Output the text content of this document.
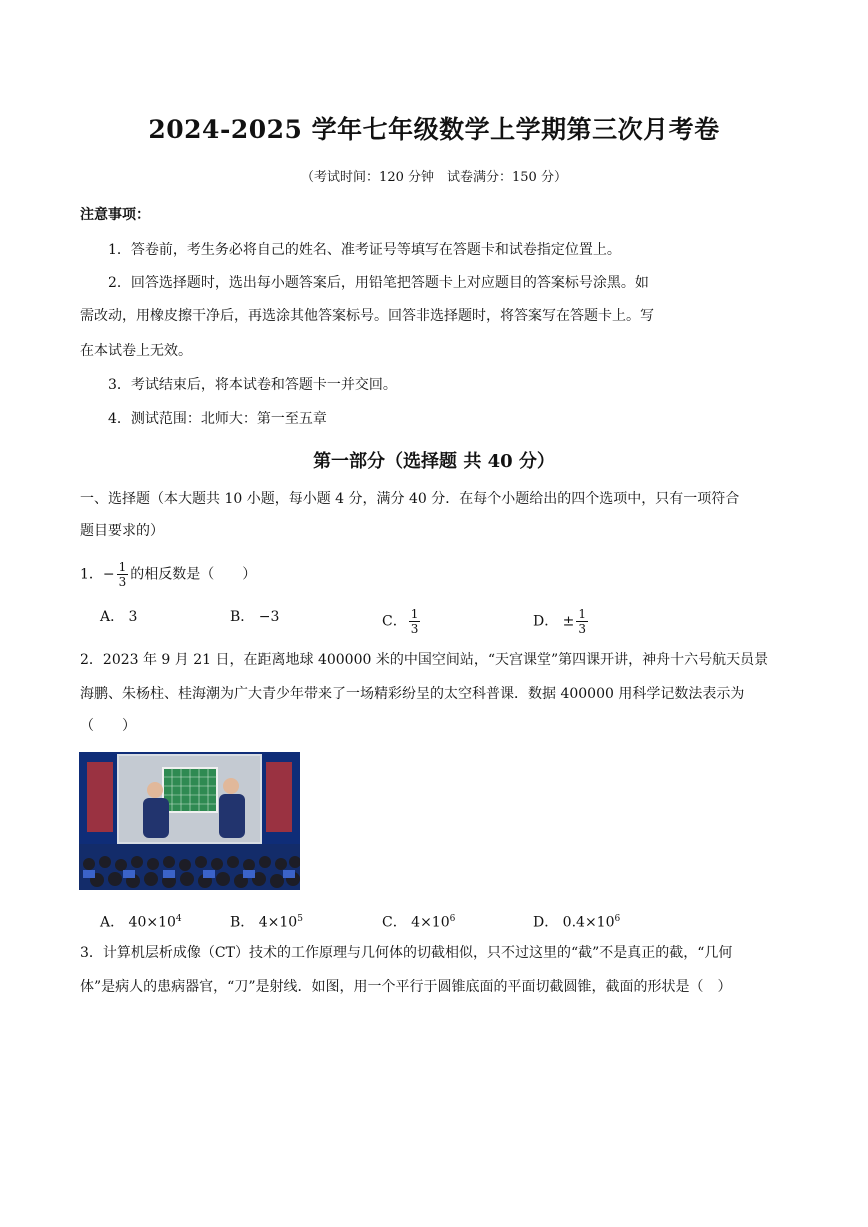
2024-2025 学年七年级数学上学期第三次月考卷
（考试时间：120 分钟　试卷满分：150 分）
注意事项：
1．答卷前，考生务必将自己的姓名、准考证号等填写在答题卡和试卷指定位置上。
2．回答选择题时，选出每小题答案后，用铅笔把答题卡上对应题目的答案标号涂黑。如
需改动，用橡皮擦干净后，再选涂其他答案标号。回答非选择题时，将答案写在答题卡上。写
在本试卷上无效。
3．考试结束后，将本试卷和答题卡一并交回。
4．测试范围：北师大：第一至五章
第一部分（选择题 共 40 分）
一、选择题（本大题共 10 小题，每小题 4 分，满分 40 分．在每个小题给出的四个选项中，只有一项符合
题目要求的）
1．− $\frac{1}{3}$ 的相反数是（　　）
A． 3	B． −3	C． $\frac{1}{3}$	D． ± $\frac{1}{3}$
2．2023 年 9 月 21 日，在距离地球 400000 米的中国空间站，“天宫课堂”第四课开讲，神舟十六号航天员景
海鹏、朱杨柱、桂海潮为广大青少年带来了一场精彩纷呈的太空科普课．数据 400000 用科学记数法表示为
（　　）
A． $40\times 10^4$	B． $4\times 10^5$	C． $4\times 10^6$	D． $0.4\times 10^6$
3．计算机层析成像（CT）技术的工作原理与几何体的切截相似，只不过这里的“截”不是真正的截，“几何
体”是病人的患病器官，“刀”是射线．如图，用一个平行于圆锥底面的平面切截圆锥，截面的形状是（　）
